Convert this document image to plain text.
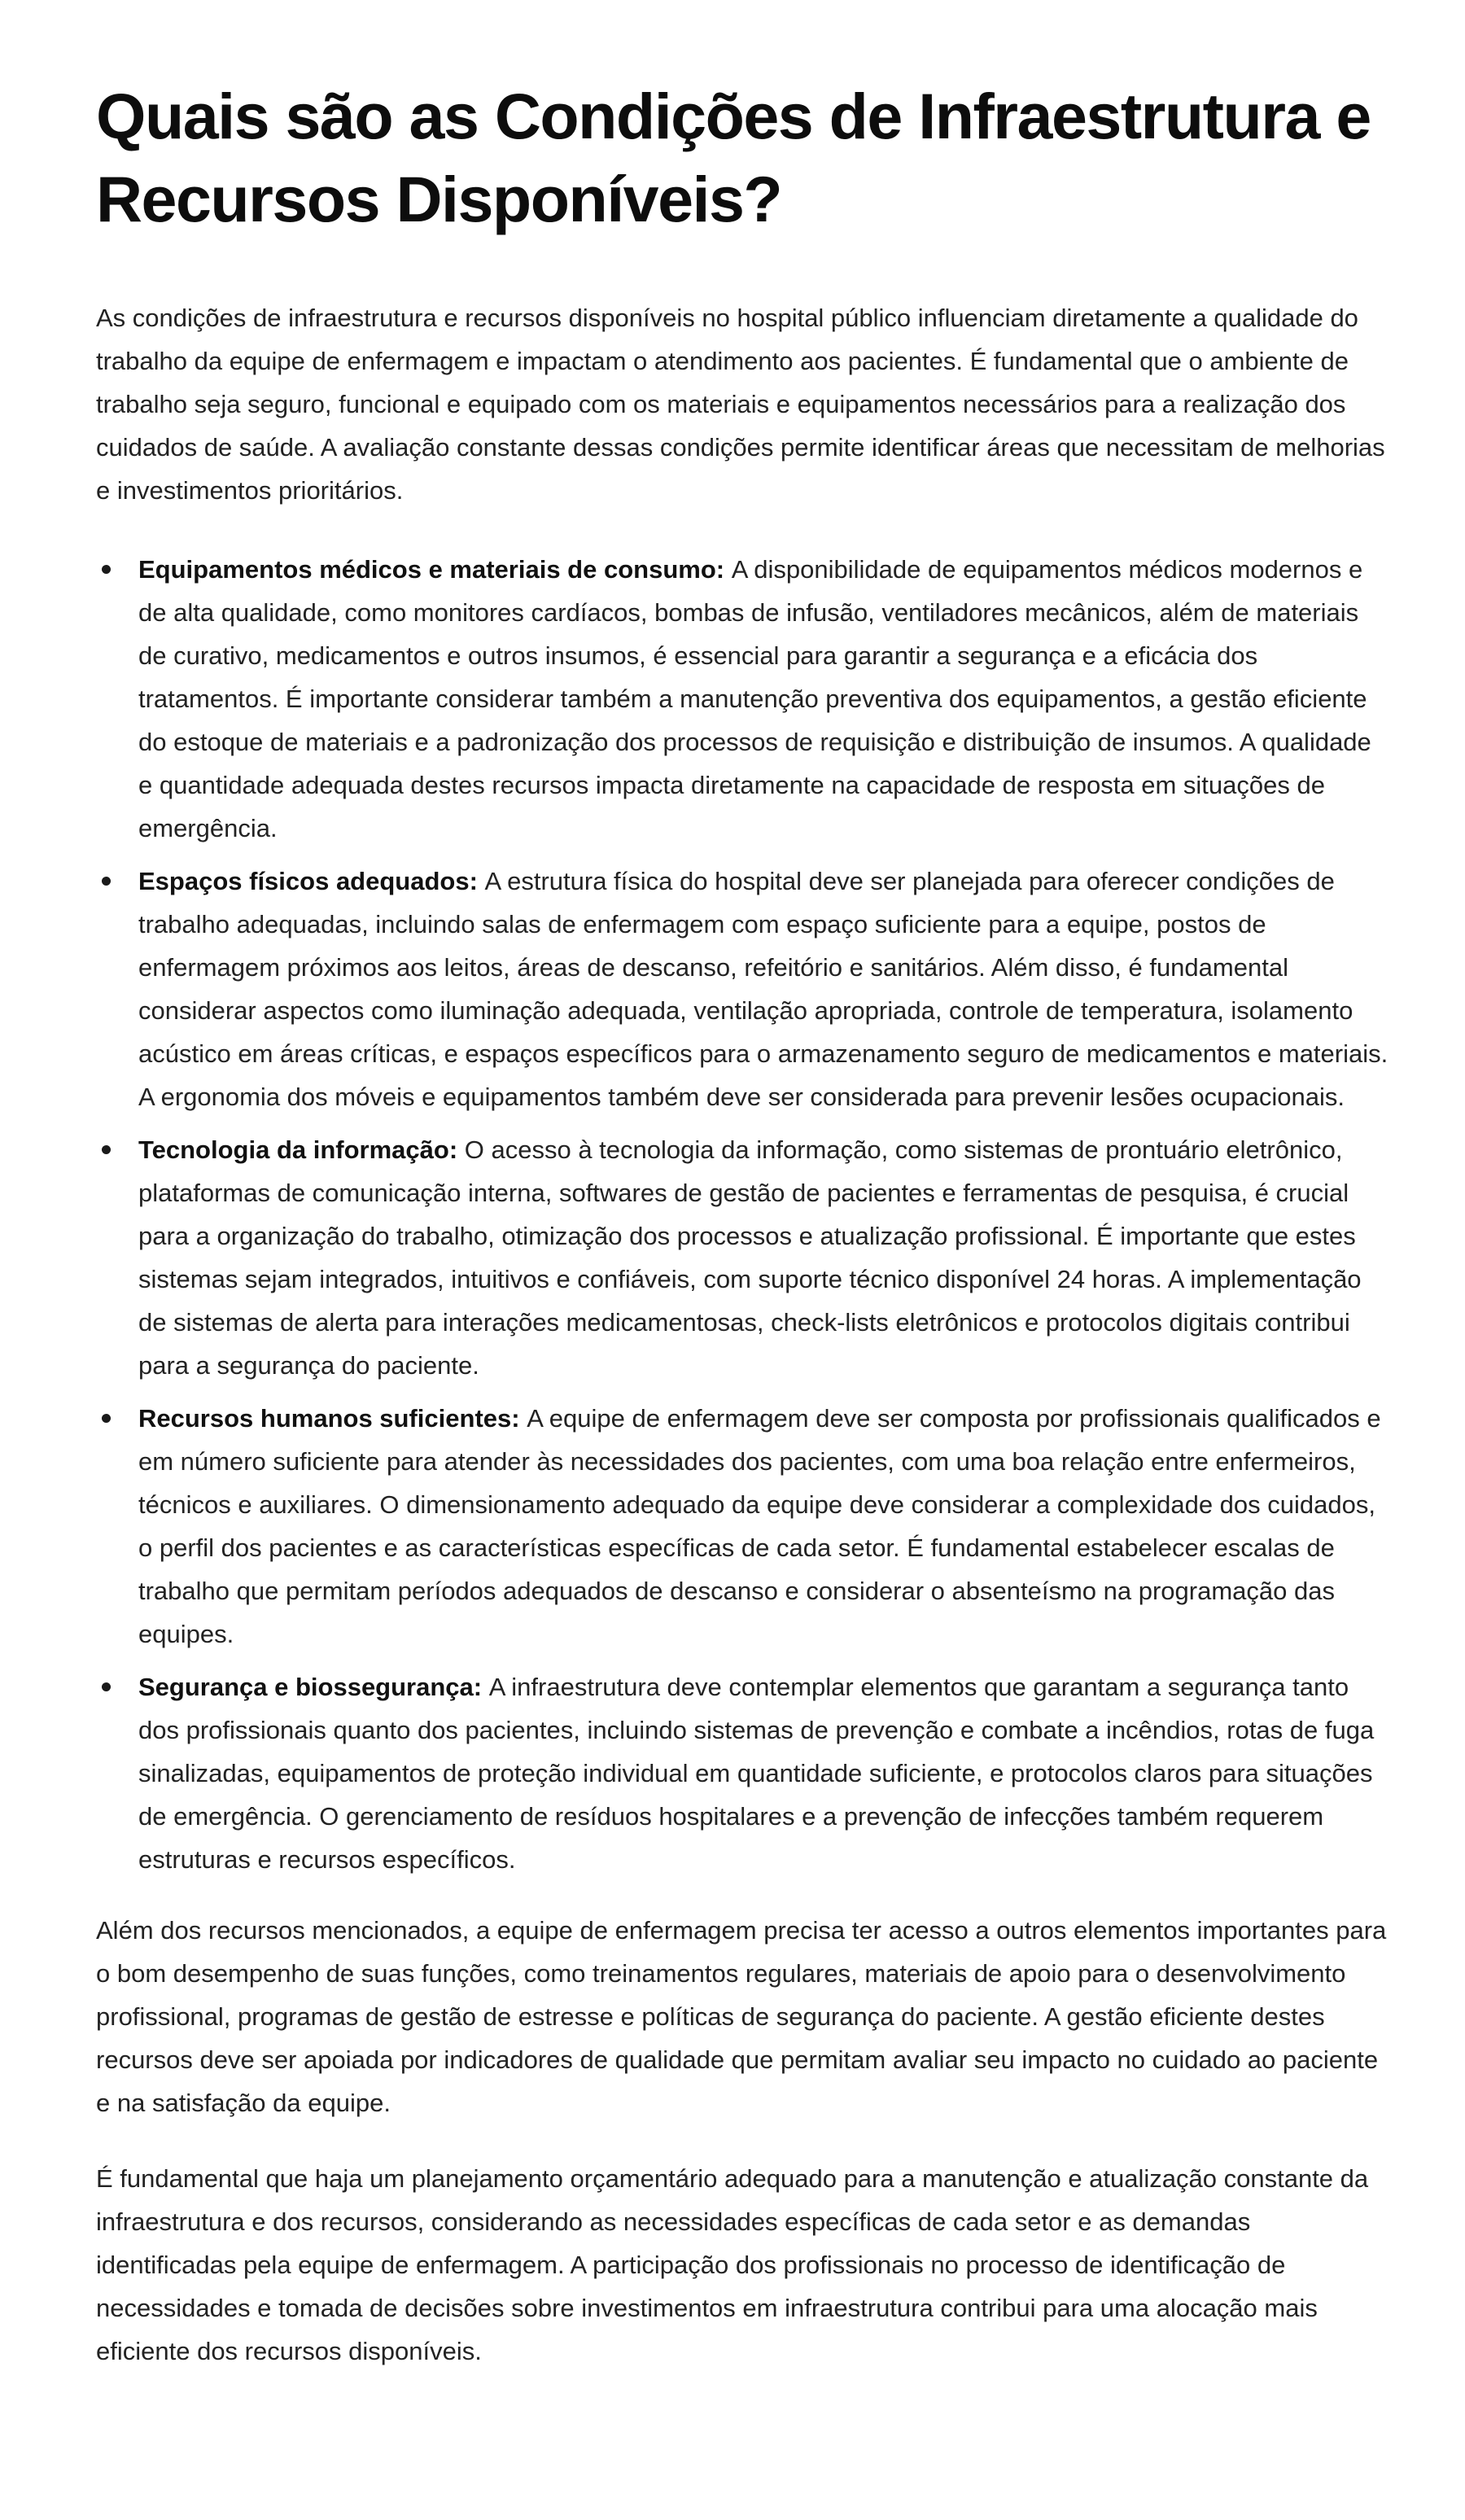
Quais são as Condições de Infraestrutura e Recursos Disponíveis?

As condições de infraestrutura e recursos disponíveis no hospital público influenciam diretamente a qualidade do trabalho da equipe de enfermagem e impactam o atendimento aos pacientes. É fundamental que o ambiente de trabalho seja seguro, funcional e equipado com os materiais e equipamentos necessários para a realização dos cuidados de saúde. A avaliação constante dessas condições permite identificar áreas que necessitam de melhorias e investimentos prioritários.

Equipamentos médicos e materiais de consumo: A disponibilidade de equipamentos médicos modernos e de alta qualidade, como monitores cardíacos, bombas de infusão, ventiladores mecânicos, além de materiais de curativo, medicamentos e outros insumos, é essencial para garantir a segurança e a eficácia dos tratamentos. É importante considerar também a manutenção preventiva dos equipamentos, a gestão eficiente do estoque de materiais e a padronização dos processos de requisição e distribuição de insumos. A qualidade e quantidade adequada destes recursos impacta diretamente na capacidade de resposta em situações de emergência.
Espaços físicos adequados: A estrutura física do hospital deve ser planejada para oferecer condições de trabalho adequadas, incluindo salas de enfermagem com espaço suficiente para a equipe, postos de enfermagem próximos aos leitos, áreas de descanso, refeitório e sanitários. Além disso, é fundamental considerar aspectos como iluminação adequada, ventilação apropriada, controle de temperatura, isolamento acústico em áreas críticas, e espaços específicos para o armazenamento seguro de medicamentos e materiais. A ergonomia dos móveis e equipamentos também deve ser considerada para prevenir lesões ocupacionais.
Tecnologia da informação: O acesso à tecnologia da informação, como sistemas de prontuário eletrônico, plataformas de comunicação interna, softwares de gestão de pacientes e ferramentas de pesquisa, é crucial para a organização do trabalho, otimização dos processos e atualização profissional. É importante que estes sistemas sejam integrados, intuitivos e confiáveis, com suporte técnico disponível 24 horas. A implementação de sistemas de alerta para interações medicamentosas, check-lists eletrônicos e protocolos digitais contribui para a segurança do paciente.
Recursos humanos suficientes: A equipe de enfermagem deve ser composta por profissionais qualificados e em número suficiente para atender às necessidades dos pacientes, com uma boa relação entre enfermeiros, técnicos e auxiliares. O dimensionamento adequado da equipe deve considerar a complexidade dos cuidados, o perfil dos pacientes e as características específicas de cada setor. É fundamental estabelecer escalas de trabalho que permitam períodos adequados de descanso e considerar o absenteísmo na programação das equipes.
Segurança e biossegurança: A infraestrutura deve contemplar elementos que garantam a segurança tanto dos profissionais quanto dos pacientes, incluindo sistemas de prevenção e combate a incêndios, rotas de fuga sinalizadas, equipamentos de proteção individual em quantidade suficiente, e protocolos claros para situações de emergência. O gerenciamento de resíduos hospitalares e a prevenção de infecções também requerem estruturas e recursos específicos.

Além dos recursos mencionados, a equipe de enfermagem precisa ter acesso a outros elementos importantes para o bom desempenho de suas funções, como treinamentos regulares, materiais de apoio para o desenvolvimento profissional, programas de gestão de estresse e políticas de segurança do paciente. A gestão eficiente destes recursos deve ser apoiada por indicadores de qualidade que permitam avaliar seu impacto no cuidado ao paciente e na satisfação da equipe.

É fundamental que haja um planejamento orçamentário adequado para a manutenção e atualização constante da infraestrutura e dos recursos, considerando as necessidades específicas de cada setor e as demandas identificadas pela equipe de enfermagem. A participação dos profissionais no processo de identificação de necessidades e tomada de decisões sobre investimentos em infraestrutura contribui para uma alocação mais eficiente dos recursos disponíveis.
